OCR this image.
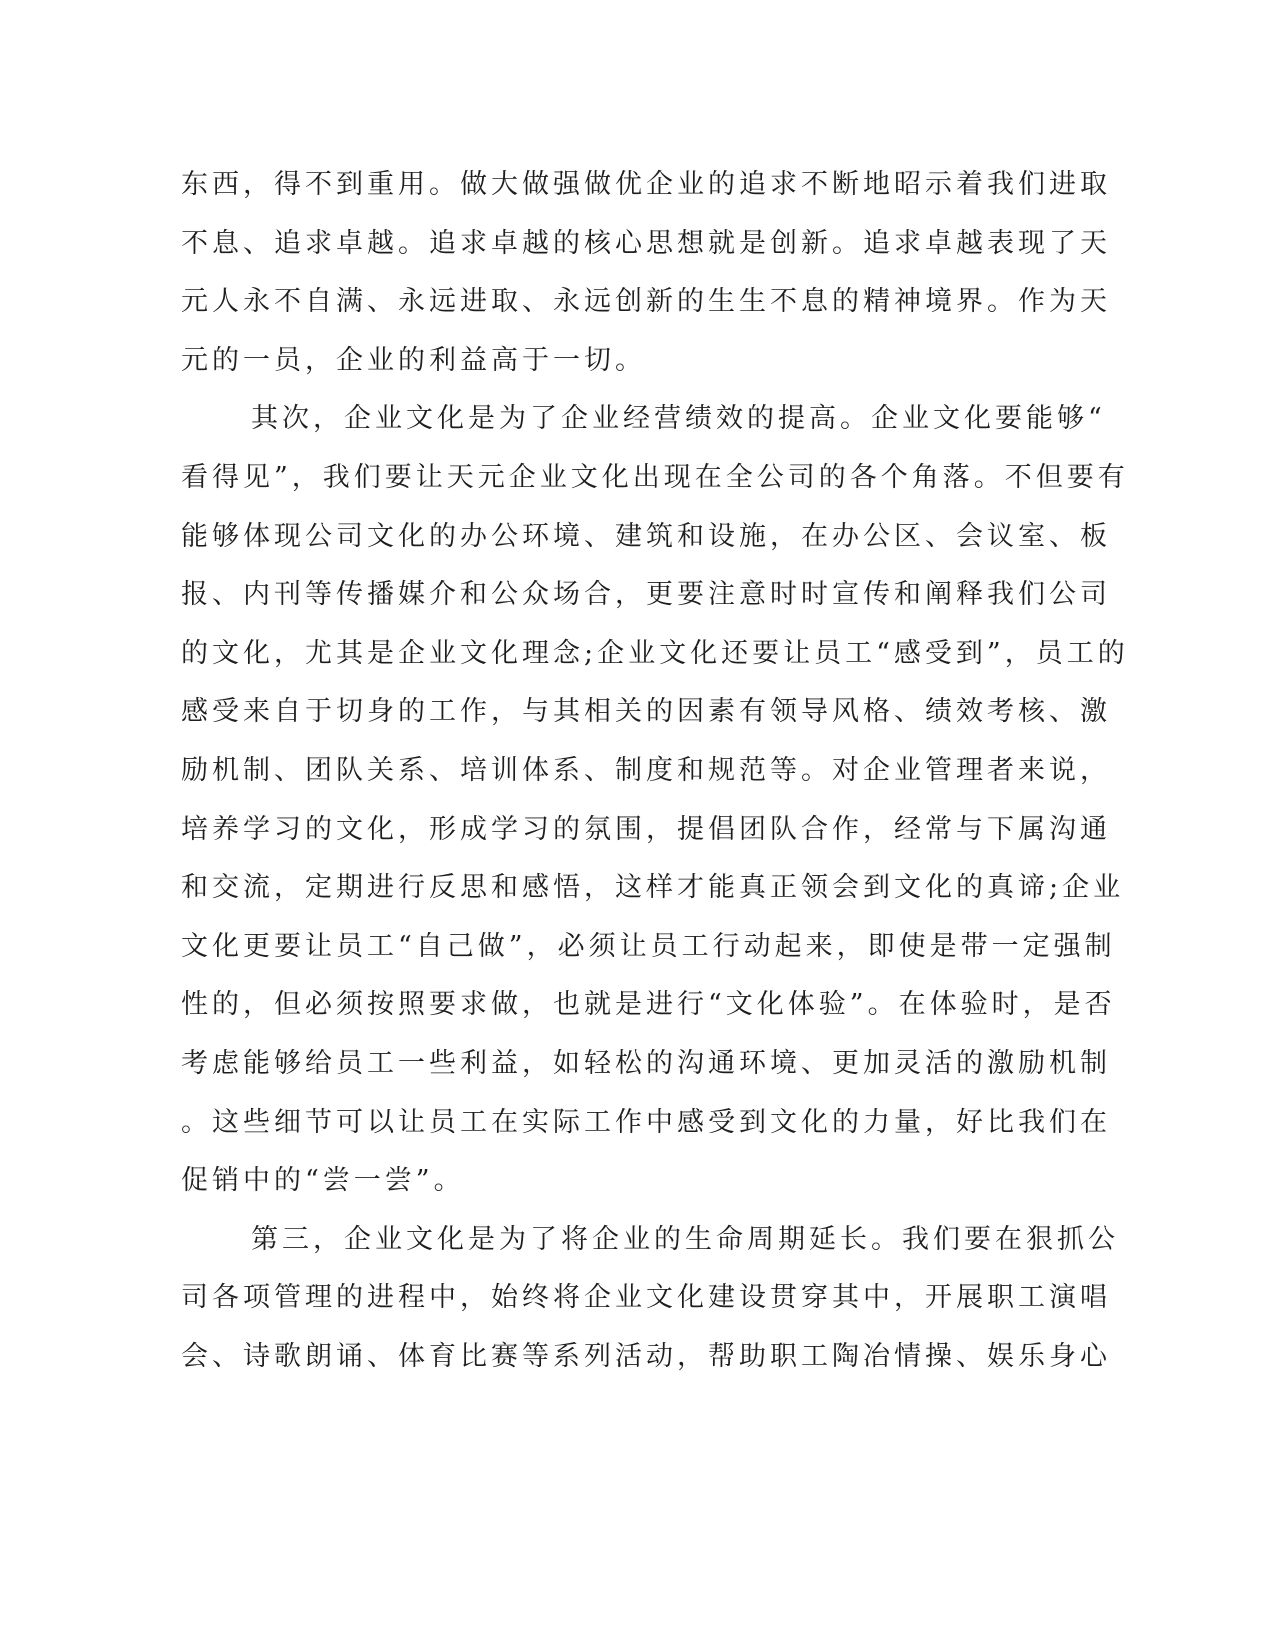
东西，得不到重用。做大做强做优企业的追求不断地昭示着我们进取
不息、追求卓越。追求卓越的核心思想就是创新。追求卓越表现了天
元人永不自满、永远进取、永远创新的生生不息的精神境界。作为天
元的一员，企业的利益高于一切。
其次，企业文化是为了企业经营绩效的提高。企业文化要能够“
看得见”，我们要让天元企业文化出现在全公司的各个角落。不但要有
能够体现公司文化的办公环境、建筑和设施，在办公区、会议室、板
报、内刊等传播媒介和公众场合，更要注意时时宣传和阐释我们公司
的文化，尤其是企业文化理念;企业文化还要让员工“感受到”，员工的
感受来自于切身的工作，与其相关的因素有领导风格、绩效考核、激
励机制、团队关系、培训体系、制度和规范等。对企业管理者来说，
培养学习的文化，形成学习的氛围，提倡团队合作，经常与下属沟通
和交流，定期进行反思和感悟，这样才能真正领会到文化的真谛;企业
文化更要让员工“自己做”，必须让员工行动起来，即使是带一定强制
性的，但必须按照要求做，也就是进行“文化体验”。在体验时，是否
考虑能够给员工一些利益，如轻松的沟通环境、更加灵活的激励机制
。这些细节可以让员工在实际工作中感受到文化的力量，好比我们在
促销中的“尝一尝”。
第三，企业文化是为了将企业的生命周期延长。我们要在狠抓公
司各项管理的进程中，始终将企业文化建设贯穿其中，开展职工演唱
会、诗歌朗诵、体育比赛等系列活动，帮助职工陶冶情操、娱乐身心
